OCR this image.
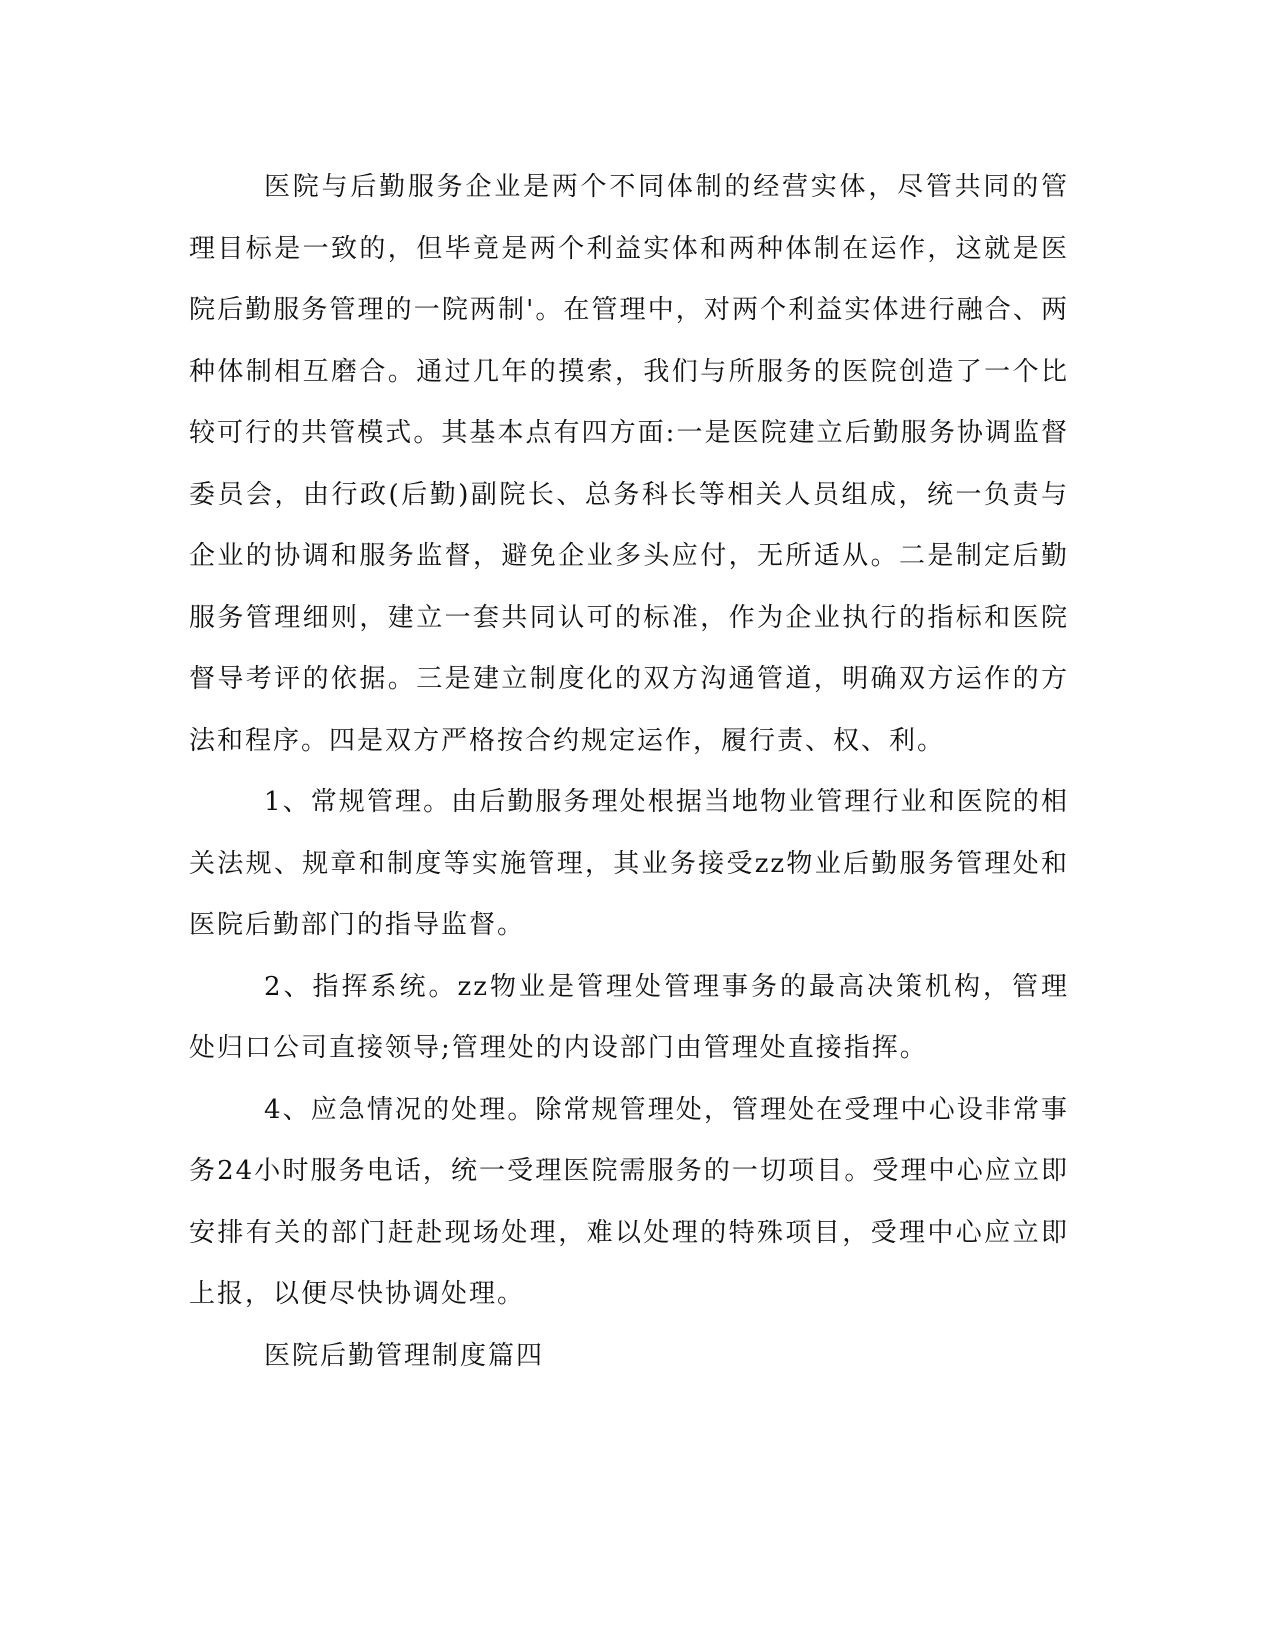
医院与后勤服务企业是两个不同体制的经营实体，尽管共同的管理目标是一致的，但毕竟是两个利益实体和两种体制在运作，这就是医院后勤服务管理的一院两制'。在管理中，对两个利益实体进行融合、两种体制相互磨合。通过几年的摸索，我们与所服务的医院创造了一个比较可行的共管模式。其基本点有四方面:一是医院建立后勤服务协调监督委员会，由行政(后勤)副院长、总务科长等相关人员组成，统一负责与企业的协调和服务监督，避免企业多头应付，无所适从。二是制定后勤服务管理细则，建立一套共同认可的标准，作为企业执行的指标和医院督导考评的依据。三是建立制度化的双方沟通管道，明确双方运作的方法和程序。四是双方严格按合约规定运作，履行责、权、利。

1、常规管理。由后勤服务理处根据当地物业管理行业和医院的相关法规、规章和制度等实施管理，其业务接受zz物业后勤服务管理处和医院后勤部门的指导监督。

2、指挥系统。zz物业是管理处管理事务的最高决策机构，管理处归口公司直接领导;管理处的内设部门由管理处直接指挥。

4、应急情况的处理。除常规管理处，管理处在受理中心设非常事务24小时服务电话，统一受理医院需服务的一切项目。受理中心应立即安排有关的部门赶赴现场处理，难以处理的特殊项目，受理中心应立即上报，以便尽快协调处理。

医院后勤管理制度篇四
